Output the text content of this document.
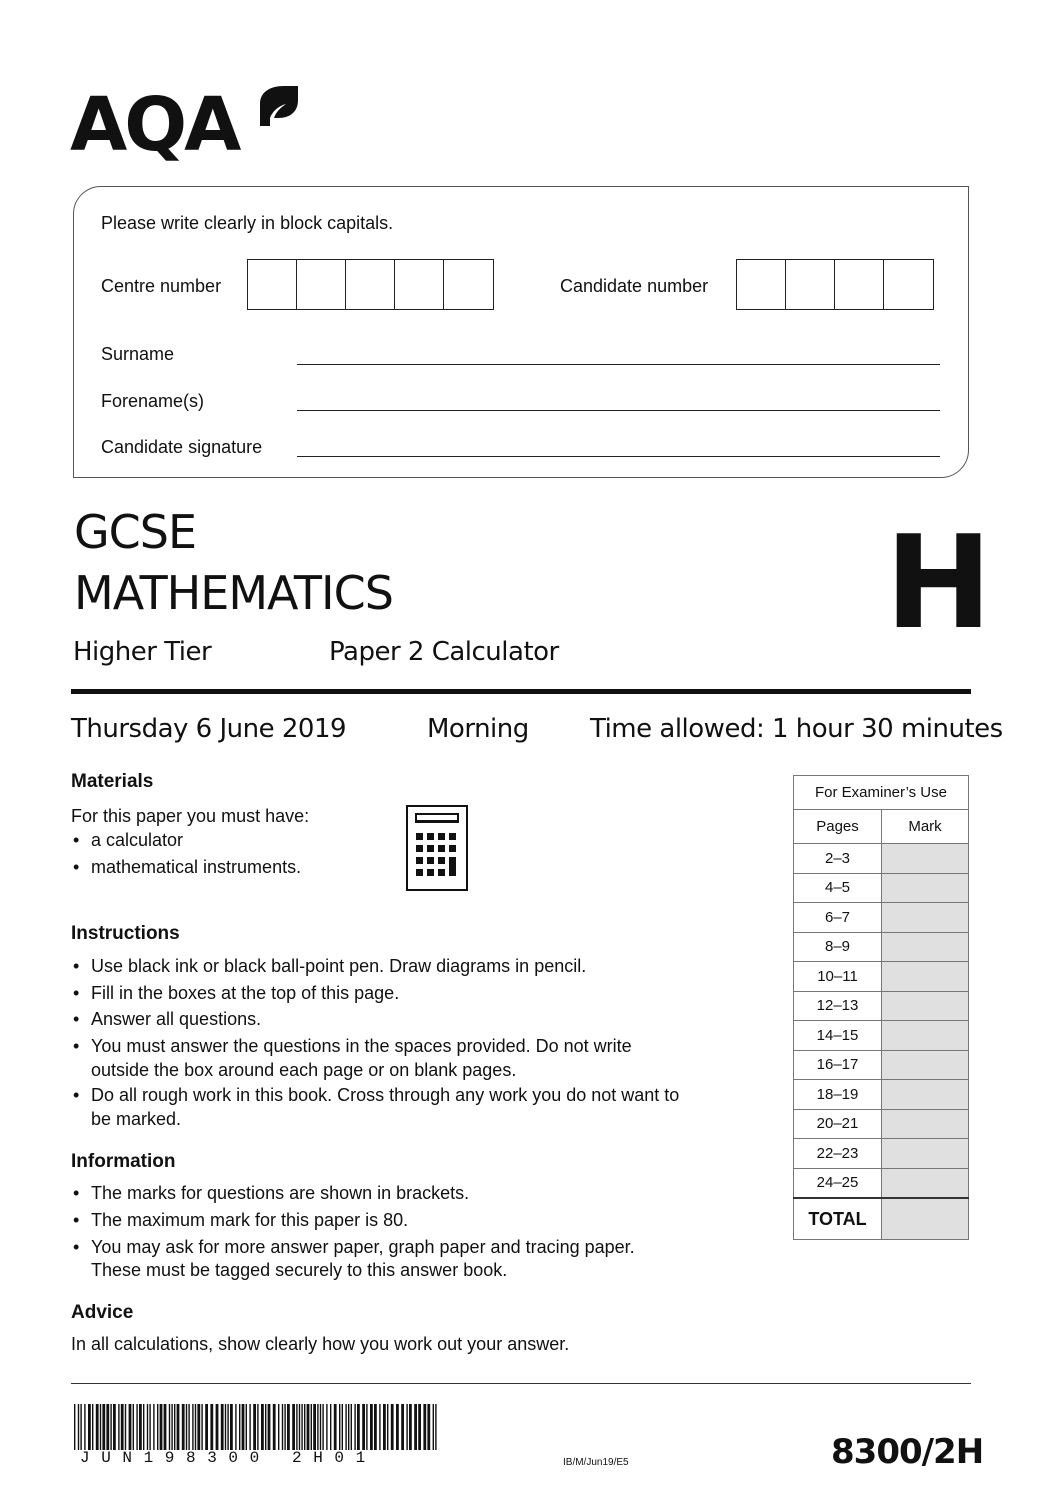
AQA
Please write clearly in block capitals.
Centre number	Candidate number
Surname
Forename(s)
Candidate signature
GCSE
MATHEMATICS
Higher Tier	Paper 2 Calculator	H
Thursday 6 June 2019	Morning Time allowed: 1 hour 30 minutes
Materials
For this paper you must have:
• a calculator
• mathematical instruments.
Instructions
• Use black ink or black ball-point pen. Draw diagrams in pencil.
• Fill in the boxes at the top of this page.
• Answer all questions.
• You must answer the questions in the spaces provided. Do not write
outside the box around each page or on blank pages.
• Do all rough work in this book. Cross through any work you do not want to
be marked.
Information
• The marks for questions are shown in brackets.
• The maximum mark for this paper is 80.
• You may ask for more answer paper, graph paper and tracing paper.
These must be tagged securely to this answer book.
Advice
In all calculations, show clearly how you work out your answer.
For Examiner’s Use	
Pages	Mark
2–3	
4–5	
6–7	
8–9	
10–11	
12–13	
14–15	
16–17	
18–19	
20–21	
22–23	
24–25	
TOTAL	
JUN198300 2H01	IB/M/Jun19/E5	8300/2H
